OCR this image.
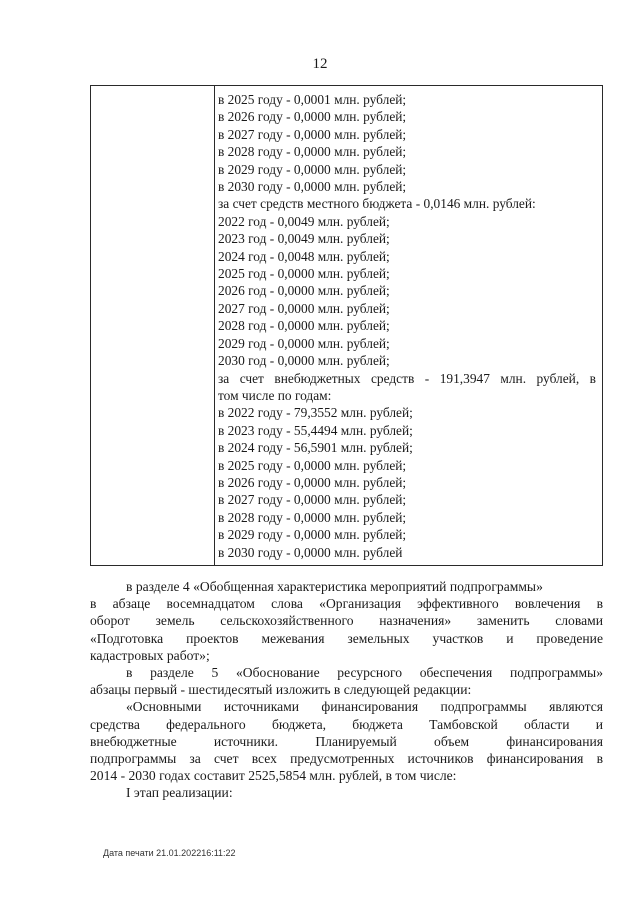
12
в 2025 году - 0,0001 млн. рублей;
в 2026 году - 0,0000 млн. рублей;
в 2027 году - 0,0000 млн. рублей;
в 2028 году - 0,0000 млн. рублей;
в 2029 году - 0,0000 млн. рублей;
в 2030 году - 0,0000 млн. рублей;
за счет средств местного бюджета - 0,0146 млн. рублей:
2022 год - 0,0049 млн. рублей;
2023 год - 0,0049 млн. рублей;
2024 год - 0,0048 млн. рублей;
2025 год - 0,0000 млн. рублей;
2026 год - 0,0000 млн. рублей;
2027 год - 0,0000 млн. рублей;
2028 год - 0,0000 млн. рублей;
2029 год - 0,0000 млн. рублей;
2030 год - 0,0000 млн. рублей;
за счет внебюджетных средств - 191,3947 млн. рублей, в
том числе по годам:
в 2022 году - 79,3552 млн. рублей;
в 2023 году - 55,4494 млн. рублей;
в 2024 году - 56,5901 млн. рублей;
в 2025 году - 0,0000 млн. рублей;
в 2026 году - 0,0000 млн. рублей;
в 2027 году - 0,0000 млн. рублей;
в 2028 году - 0,0000 млн. рублей;
в 2029 году - 0,0000 млн. рублей;
в 2030 году - 0,0000 млн. рублей
в разделе 4 «Обобщенная характеристика мероприятий подпрограммы»
в абзаце восемнадцатом слова «Организация эффективного вовлечения в
оборот земель сельскохозяйственного назначения» заменить словами
«Подготовка проектов межевания земельных участков и проведение
кадастровых работ»;
в разделе 5 «Обоснование ресурсного обеспечения подпрограммы»
абзацы первый - шестидесятый изложить в следующей редакции:
«Основными источниками финансирования подпрограммы являются
средства федерального бюджета, бюджета Тамбовской области и
внебюджетные источники. Планируемый объем финансирования
подпрограммы за счет всех предусмотренных источников финансирования в
2014 - 2030 годах составит 2525,5854 млн. рублей, в том числе:
I этап реализации:
Дата печати 21.01.202216:11:22
